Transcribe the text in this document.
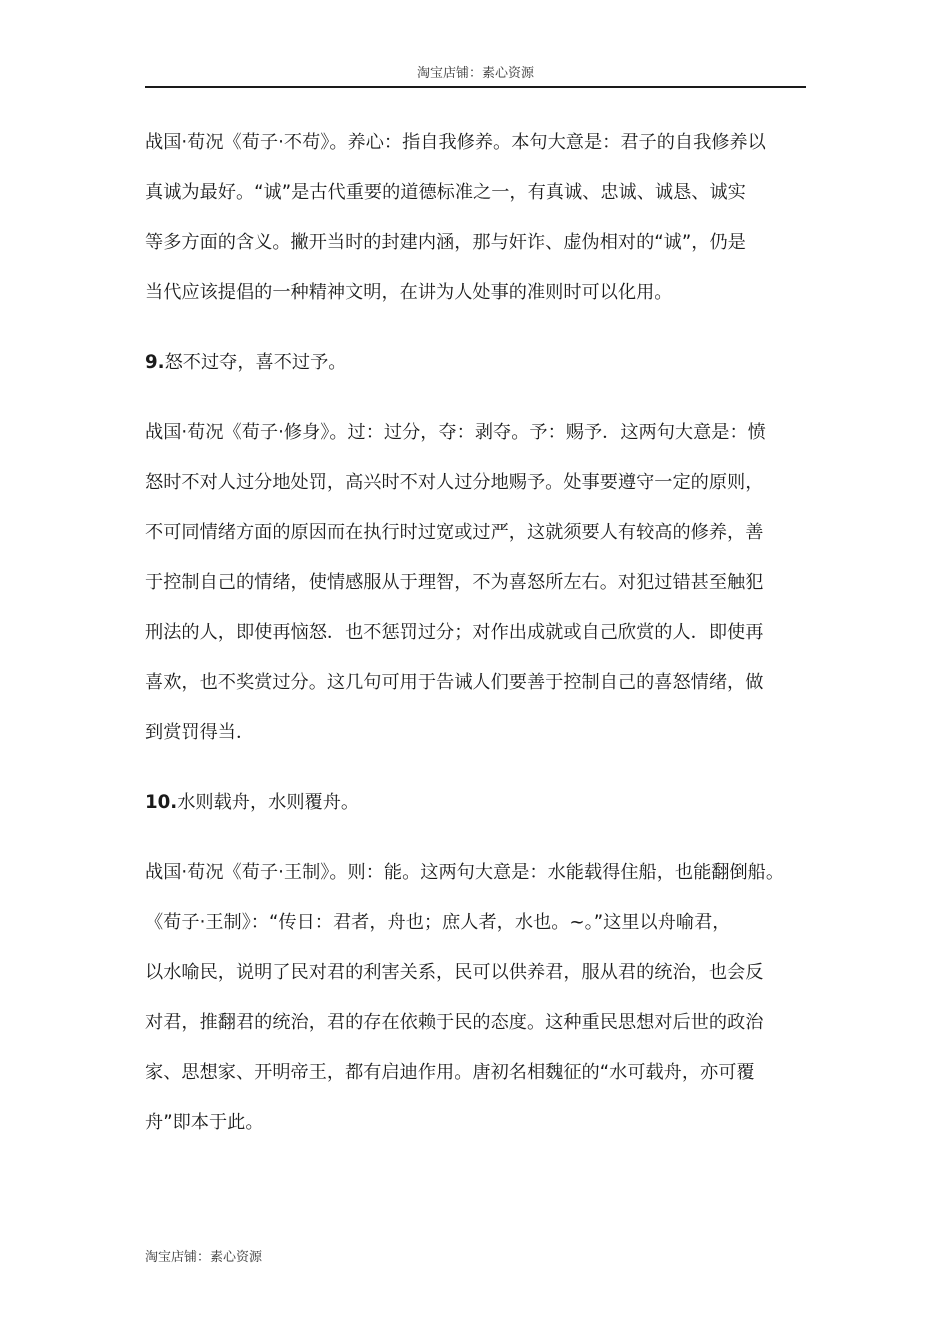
淘宝店铺：素心资源

战国·荀况《荀子·不苟》。养心：指自我修养。本句大意是：君子的自我修养以

真诚为最好。“诚”是古代重要的道德标准之一，有真诚、忠诚、诚恳、诚实

等多方面的含义。撇开当时的封建内涵，那与奸诈、虚伪相对的“诚”，仍是

当代应该提倡的一种精神文明，在讲为人处事的准则时可以化用。

9.怒不过夺，喜不过予。

战国·荀况《荀子·修身》。过：过分，夺：剥夺。予：赐予．这两句大意是：愤

怒时不对人过分地处罚，高兴时不对人过分地赐予。处事要遵守一定的原则，

不可同情绪方面的原因而在执行时过宽或过严，这就须要人有较高的修养，善

于控制自己的情绪，使情感服从于理智，不为喜怒所左右。对犯过错甚至触犯

刑法的人，即使再恼怒．也不惩罚过分；对作出成就或自己欣赏的人．即使再

喜欢，也不奖赏过分。这几句可用于告诫人们要善于控制自己的喜怒情绪，做

到赏罚得当．

10.水则载舟，水则覆舟。

战国·荀况《荀子·王制》。则：能。这两句大意是：水能载得住船，也能翻倒船。

《荀子·王制》：“传日：君者，舟也；庶人者，水也。~。”这里以舟喻君，

以水喻民，说明了民对君的利害关系，民可以供养君，服从君的统治，也会反

对君，推翻君的统治，君的存在依赖于民的态度。这种重民思想对后世的政治

家、思想家、开明帝王，都有启迪作用。唐初名相魏征的“水可载舟，亦可覆

舟”即本于此。

淘宝店铺：素心资源
